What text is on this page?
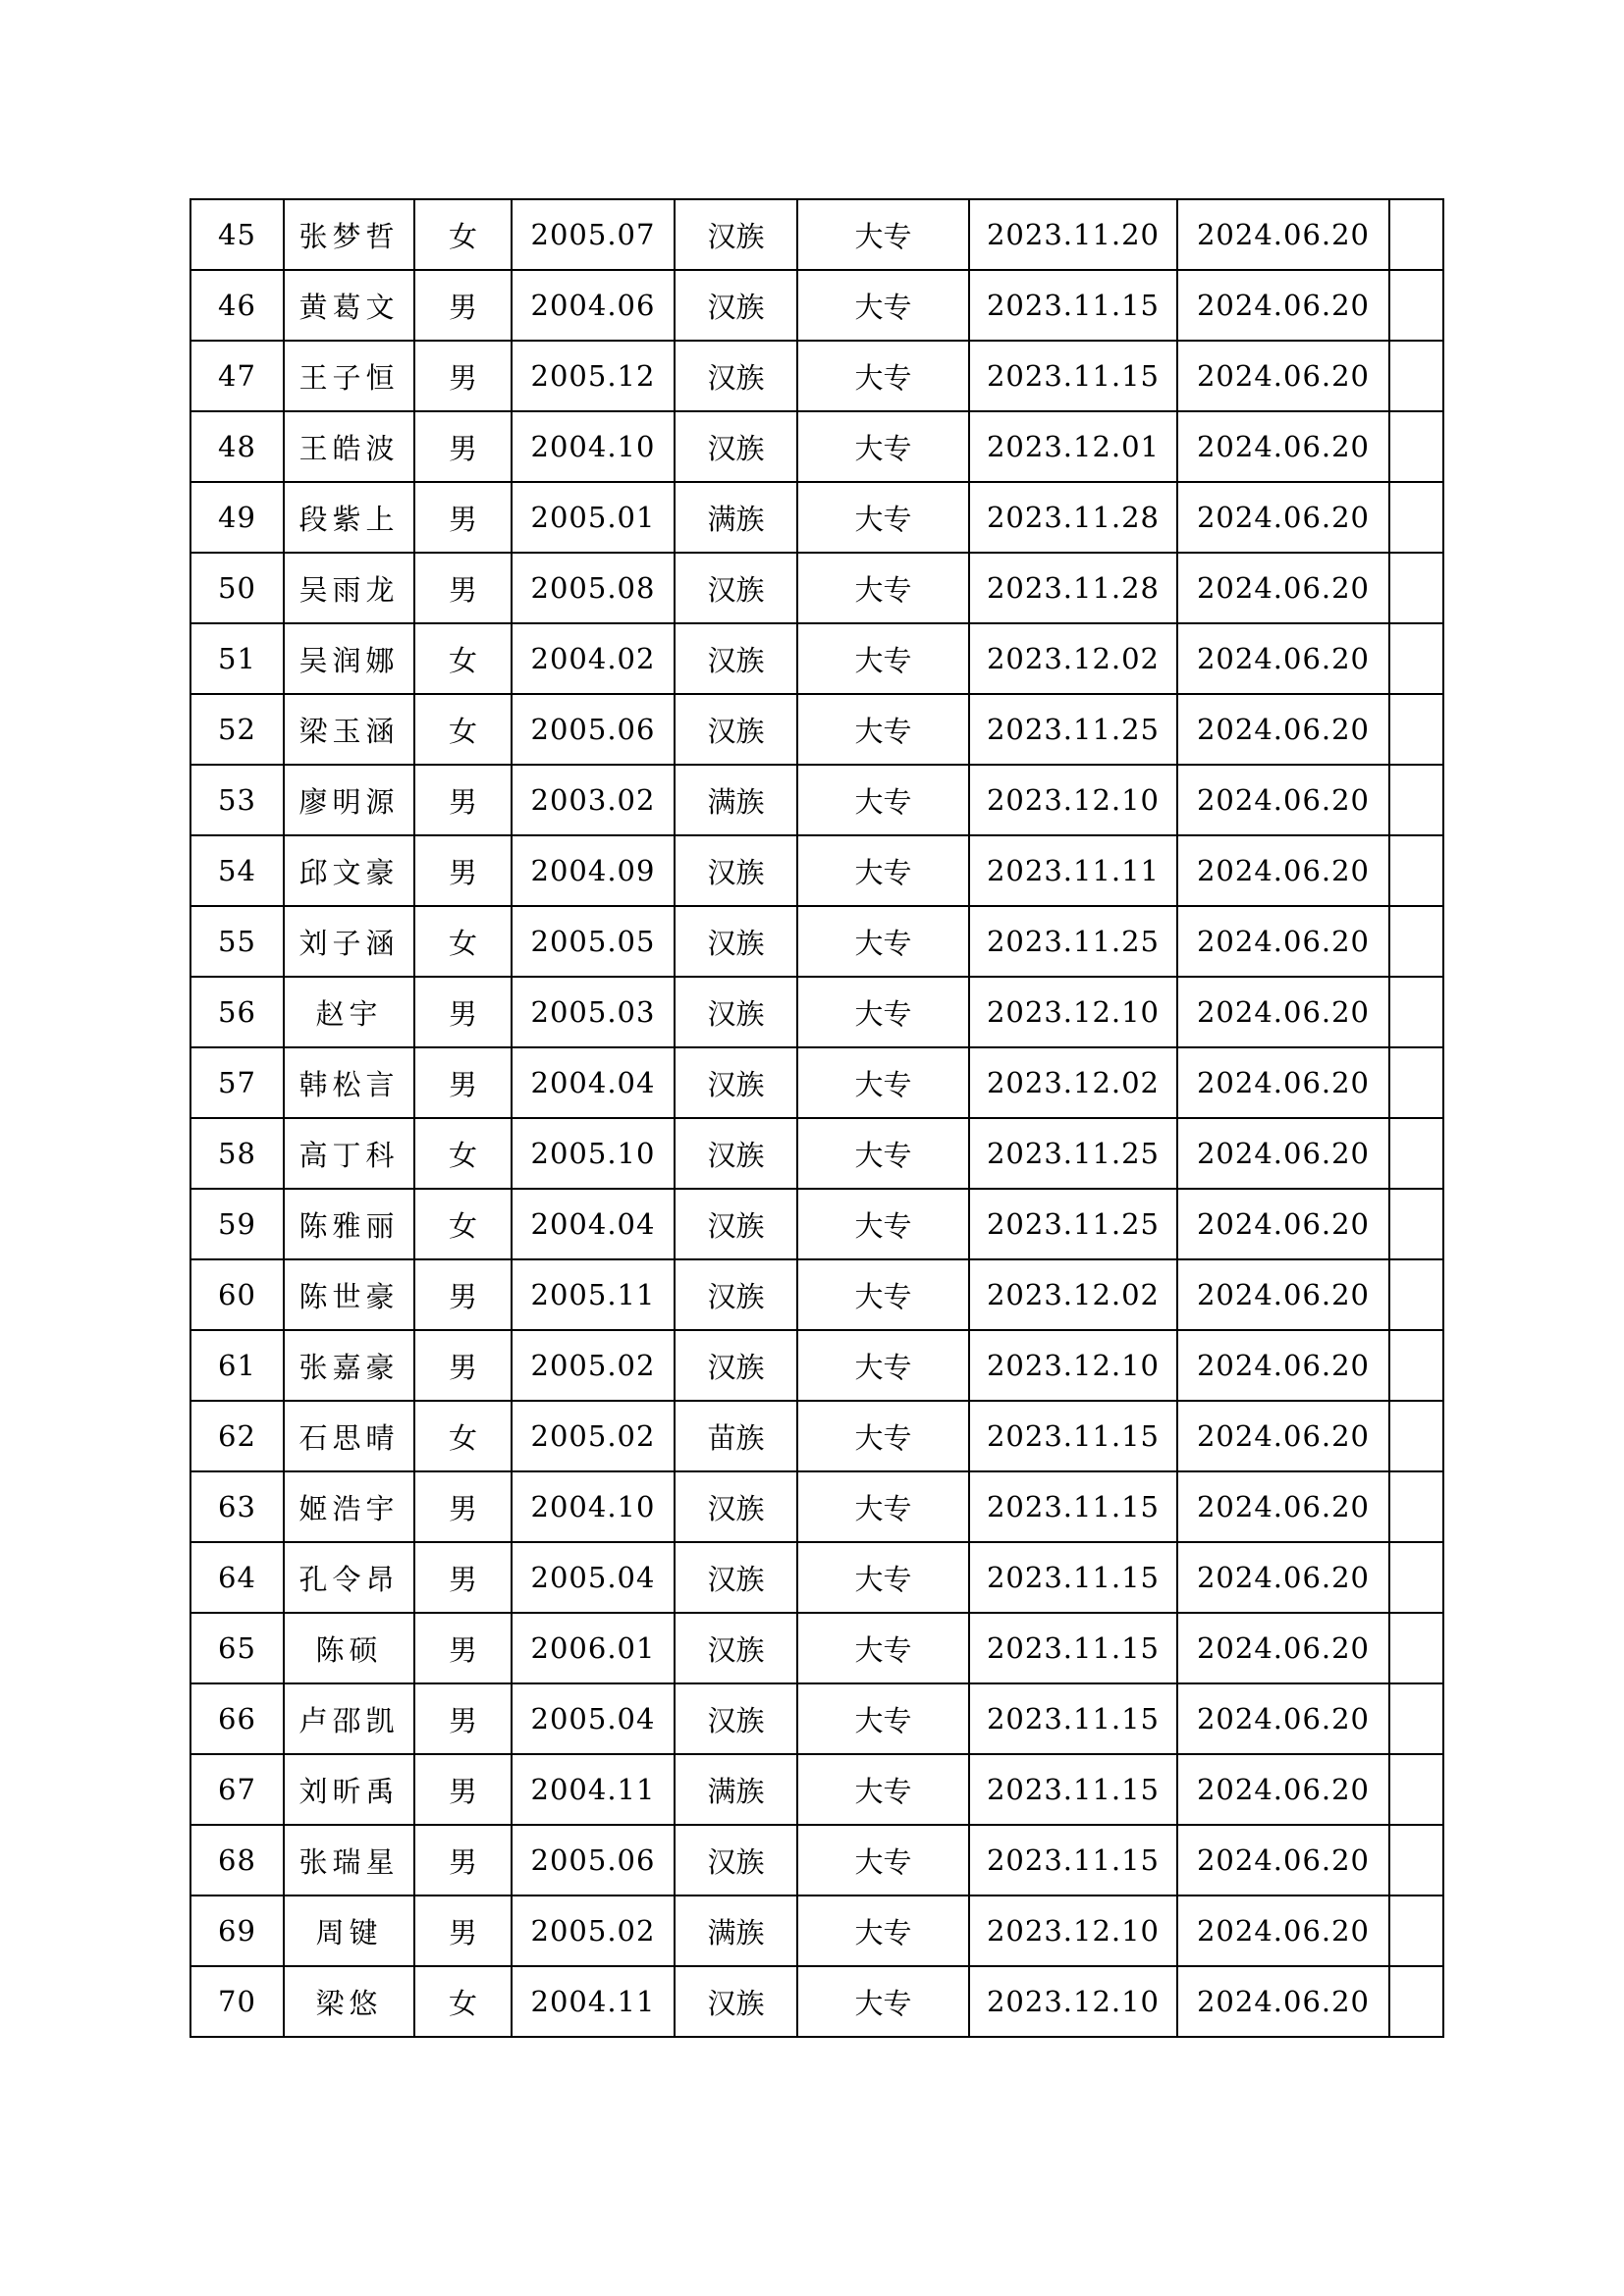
45	张梦哲	女	2005.07	汉族	大专	2023.11.20	2024.06.20	
46	黄葛文	男	2004.06	汉族	大专	2023.11.15	2024.06.20	
47	王子恒	男	2005.12	汉族	大专	2023.11.15	2024.06.20	
48	王皓波	男	2004.10	汉族	大专	2023.12.01	2024.06.20	
49	段紫上	男	2005.01	满族	大专	2023.11.28	2024.06.20	
50	吴雨龙	男	2005.08	汉族	大专	2023.11.28	2024.06.20	
51	吴润娜	女	2004.02	汉族	大专	2023.12.02	2024.06.20	
52	梁玉涵	女	2005.06	汉族	大专	2023.11.25	2024.06.20	
53	廖明源	男	2003.02	满族	大专	2023.12.10	2024.06.20	
54	邱文豪	男	2004.09	汉族	大专	2023.11.11	2024.06.20	
55	刘子涵	女	2005.05	汉族	大专	2023.11.25	2024.06.20	
56	赵宇	男	2005.03	汉族	大专	2023.12.10	2024.06.20	
57	韩松言	男	2004.04	汉族	大专	2023.12.02	2024.06.20	
58	高丁科	女	2005.10	汉族	大专	2023.11.25	2024.06.20	
59	陈雅丽	女	2004.04	汉族	大专	2023.11.25	2024.06.20	
60	陈世豪	男	2005.11	汉族	大专	2023.12.02	2024.06.20	
61	张嘉豪	男	2005.02	汉族	大专	2023.12.10	2024.06.20	
62	石思晴	女	2005.02	苗族	大专	2023.11.15	2024.06.20	
63	姬浩宇	男	2004.10	汉族	大专	2023.11.15	2024.06.20	
64	孔令昂	男	2005.04	汉族	大专	2023.11.15	2024.06.20	
65	陈硕	男	2006.01	汉族	大专	2023.11.15	2024.06.20	
66	卢邵凯	男	2005.04	汉族	大专	2023.11.15	2024.06.20	
67	刘昕禹	男	2004.11	满族	大专	2023.11.15	2024.06.20	
68	张瑞星	男	2005.06	汉族	大专	2023.11.15	2024.06.20	
69	周键	男	2005.02	满族	大专	2023.12.10	2024.06.20	
70	梁悠	女	2004.11	汉族	大专	2023.12.10	2024.06.20	
